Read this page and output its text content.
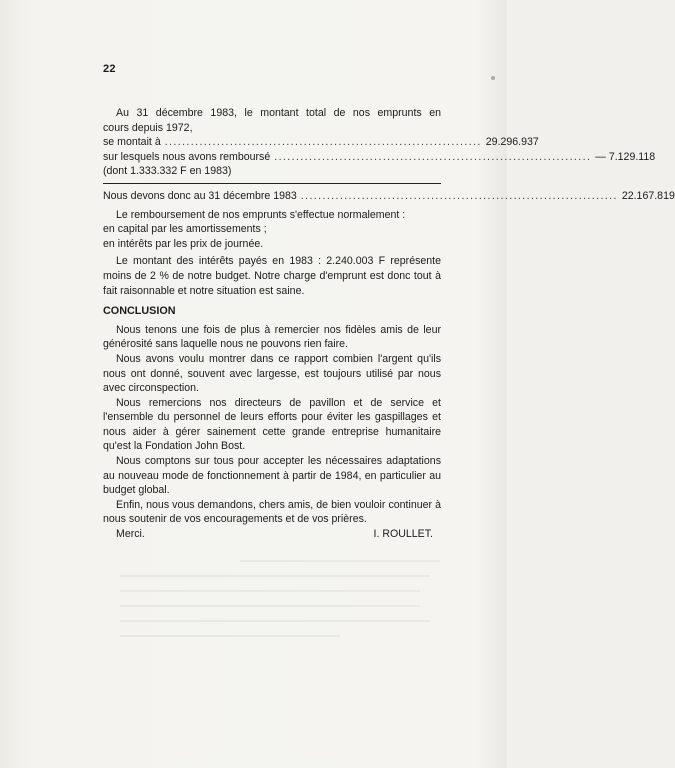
22

Au 31 décembre 1983, le montant total de nos emprunts en

cours depuis 1972,

se montait à ......................................................................... 29.296.937
sur lesquels nous avons remboursé ......................................................................... — 7.129.118

(dont 1.333.332 F en 1983)

Nous devons donc au 31 décembre 1983 ......................................................................... 22.167.819

Le remboursement de nos emprunts s'effectue normalement :

en capital par les amortissements ;

en intérêts par les prix de journée.

Le montant des intérêts payés en 1983 : 2.240.003 F représente moins de 2 % de notre budget. Notre charge d'emprunt est donc tout à fait raisonnable et notre situation est saine.

CONCLUSION

Nous tenons une fois de plus à remercier nos fidèles amis de leur générosité sans laquelle nous ne pouvons rien faire.

Nous avons voulu montrer dans ce rapport combien l'argent qu'ils nous ont donné, souvent avec largesse, est toujours utilisé par nous avec circonspection.

Nous remercions nos directeurs de pavillon et de service et l'ensemble du personnel de leurs efforts pour éviter les gaspillages et nous aider à gérer sainement cette grande entreprise humanitaire qu'est la Fondation John Bost.

Nous comptons sur tous pour accepter les nécessaires adaptations au nouveau mode de fonctionnement à partir de 1984, en particulier au budget global.

Enfin, nous vous demandons, chers amis, de bien vouloir continuer à nous soutenir de vos encouragements et de vos prières.

Merci.	I. ROULLET.
